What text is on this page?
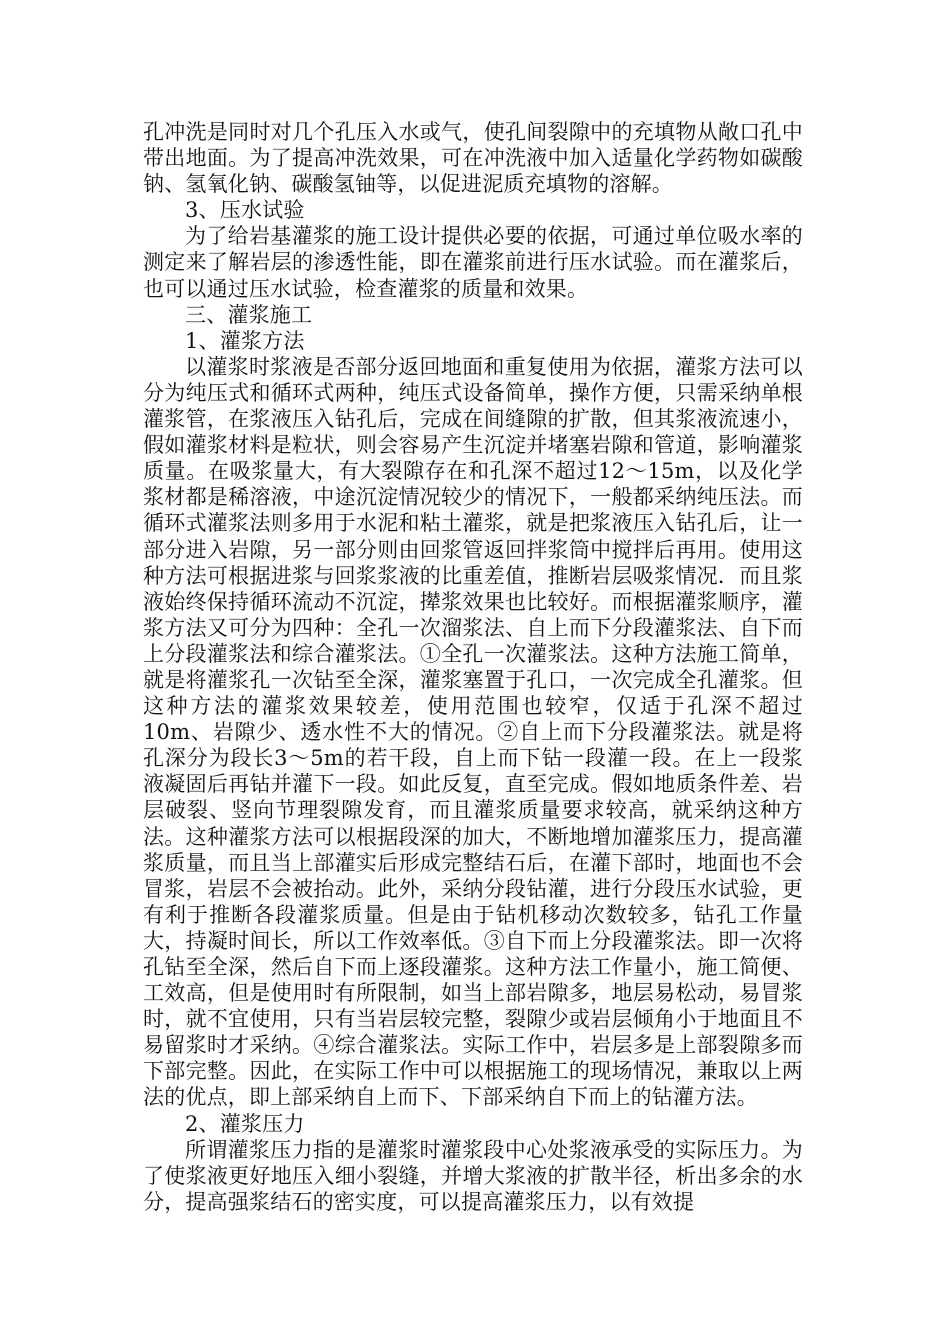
孔冲洗是同时对几个孔压入水或气，使孔间裂隙中的充填物从敞口孔中带出地面。为了提高冲洗效果，可在冲洗液中加入适量化学药物如碳酸钠、氢氧化钠、碳酸氢铀等，以促进泥质充填物的溶解。

3、压水试验

为了给岩基灌浆的施工设计提供必要的依据，可通过单位吸水率的测定来了解岩层的渗透性能，即在灌浆前进行压水试验。而在灌浆后，也可以通过压水试验，检查灌浆的质量和效果。

三、灌浆施工

1、灌浆方法

以灌浆时浆液是否部分返回地面和重复使用为依据，灌浆方法可以分为纯压式和循环式两种，纯压式设备简单，操作方便，只需采纳单根灌浆管，在浆液压入钻孔后，完成在间缝隙的扩散，但其浆液流速小，假如灌浆材料是粒状，则会容易产生沉淀并堵塞岩隙和管道，影响灌浆质量。在吸浆量大，有大裂隙存在和孔深不超过12～15m，以及化学浆材都是稀溶液，中途沉淀情况较少的情况下，一般都采纳纯压法。而循环式灌浆法则多用于水泥和粘土灌浆，就是把浆液压入钻孔后，让一部分进入岩隙，另一部分则由回浆管返回拌浆筒中搅拌后再用。使用这种方法可根据进浆与回浆浆液的比重差值，推断岩层吸浆情况．而且浆液始终保持循环流动不沉淀，撵浆效果也比较好。而根据灌浆顺序，灌浆方法又可分为四种：全孔一次溜浆法、自上而下分段灌浆法、自下而上分段灌浆法和综合灌浆法。①全孔一次灌浆法。这种方法施工简单，就是将灌浆孔一次钻至全深，灌浆塞置于孔口，一次完成全孔灌浆。但这种方法的灌浆效果较差，使用范围也较窄，仅适于孔深不超过10m、岩隙少、透水性不大的情况。②自上而下分段灌浆法。就是将孔深分为段长3～5m的若干段，自上而下钻一段灌一段。在上一段浆液凝固后再钻并灌下一段。如此反复，直至完成。假如地质条件差、岩层破裂、竖向节理裂隙发育，而且灌浆质量要求较高，就采纳这种方法。这种灌浆方法可以根据段深的加大，不断地增加灌浆压力，提高灌浆质量，而且当上部灌实后形成完整结石后，在灌下部时，地面也不会冒浆，岩层不会被抬动。此外，采纳分段钻灌，进行分段压水试验，更有利于推断各段灌浆质量。但是由于钻机移动次数较多，钻孔工作量大，持凝时间长，所以工作效率低。③自下而上分段灌浆法。即一次将孔钻至全深，然后自下而上逐段灌浆。这种方法工作量小，施工简便、工效高，但是使用时有所限制，如当上部岩隙多，地层易松动，易冒浆时，就不宜使用，只有当岩层较完整，裂隙少或岩层倾角小于地面且不易留浆时才采纳。④综合灌浆法。实际工作中，岩层多是上部裂隙多而下部完整。因此，在实际工作中可以根据施工的现场情况，兼取以上两法的优点，即上部采纳自上而下、下部采纳自下而上的钻灌方法。

2、灌浆压力

所谓灌浆压力指的是灌浆时灌浆段中心处浆液承受的实际压力。为了使浆液更好地压入细小裂缝，并增大浆液的扩散半径，析出多余的水分，提高强浆结石的密实度，可以提高灌浆压力，以有效提
